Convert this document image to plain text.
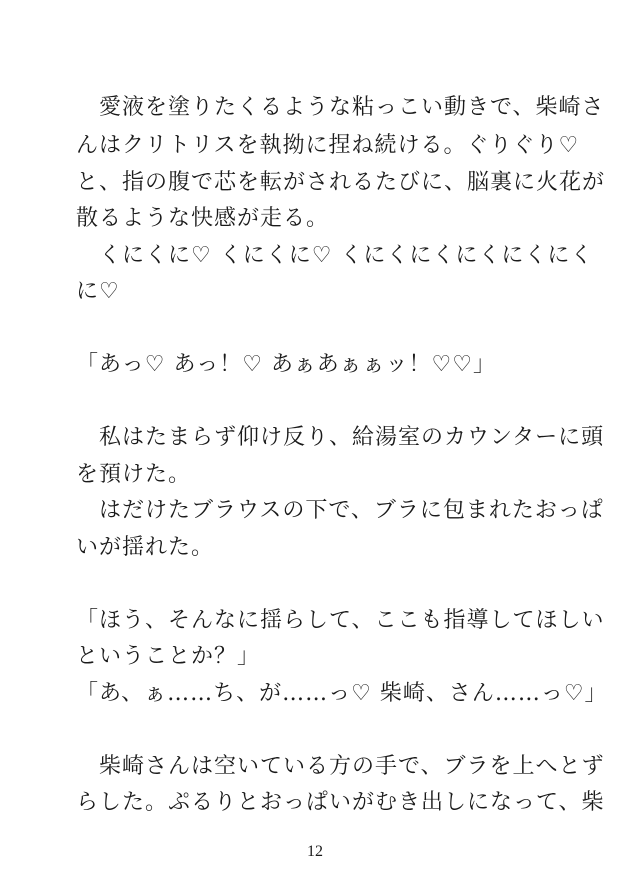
　愛液を塗りたくるような粘っこい動きで、柴崎さ
んはクリトリスを執拗に捏ね続ける。ぐりぐり♡
と、指の腹で芯を転がされるたびに、脳裏に火花が
散るような快感が走る。
　くにくに♡ くにくに♡ くにくにくにくにくにく
に♡
「あっ♡ あっ！♡ あぁあぁぁッ！♡♡」
　私はたまらず仰け反り、給湯室のカウンターに頭
を預けた。
　はだけたブラウスの下で、ブラに包まれたおっぱ
いが揺れた。
「ほう、そんなに揺らして、ここも指導してほしい
ということか？」
「あ、ぁ……ち、が……っ♡ 柴崎、さん……っ♡」
　柴崎さんは空いている方の手で、ブラを上へとず
らした。ぷるりとおっぱいがむき出しになって、柴
12
